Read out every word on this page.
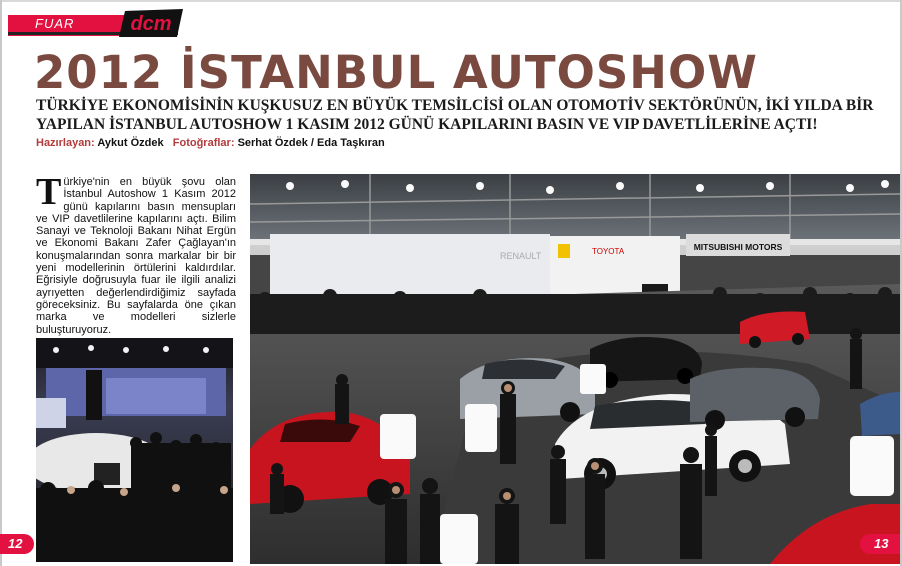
FUAR	dcm
2012 İSTANBUL AUTOSHOW
TÜRKİYE EKONOMİSİNİN KUŞKUSUZ EN BÜYÜK TEMSİLCİSİ OLAN OTOMOTİV SEKTÖRÜNÜN, İKİ YILDA BİR YAPILAN İSTANBUL AUTOSHOW 1 KASIM 2012 GÜNÜ KAPILARINI BASIN VE VIP DAVETLİLERİNE AÇTI!
Hazırlayan: Aykut Özdek Fotoğraflar: Serhat Özdek / Eda Taşkıran
Türkiye'nin en büyük şovu olan İstanbul Autoshow 1 Kasım 2012 günü kapılarını basın mensupları ve VIP davetlilerine kapılarını açtı. Bilim Sanayi ve Teknoloji Bakanı Nihat Ergün ve Ekonomi Bakanı Zafer Çağlayan'ın konuşmalarından sonra markalar bir bir yeni modellerinin örtülerini kaldırdılar. Eğrisiyle doğrusuyla fuar ile ilgili analizi ayrıyetten değerlendirdiğimiz sayfada göreceksiniz. Bu sayfalarda öne çıkan marka ve modelleri sizlerle buluşturuyoruz.
MITSUBISHI MOTORS
RENAULT	TOYOTA
12	13
